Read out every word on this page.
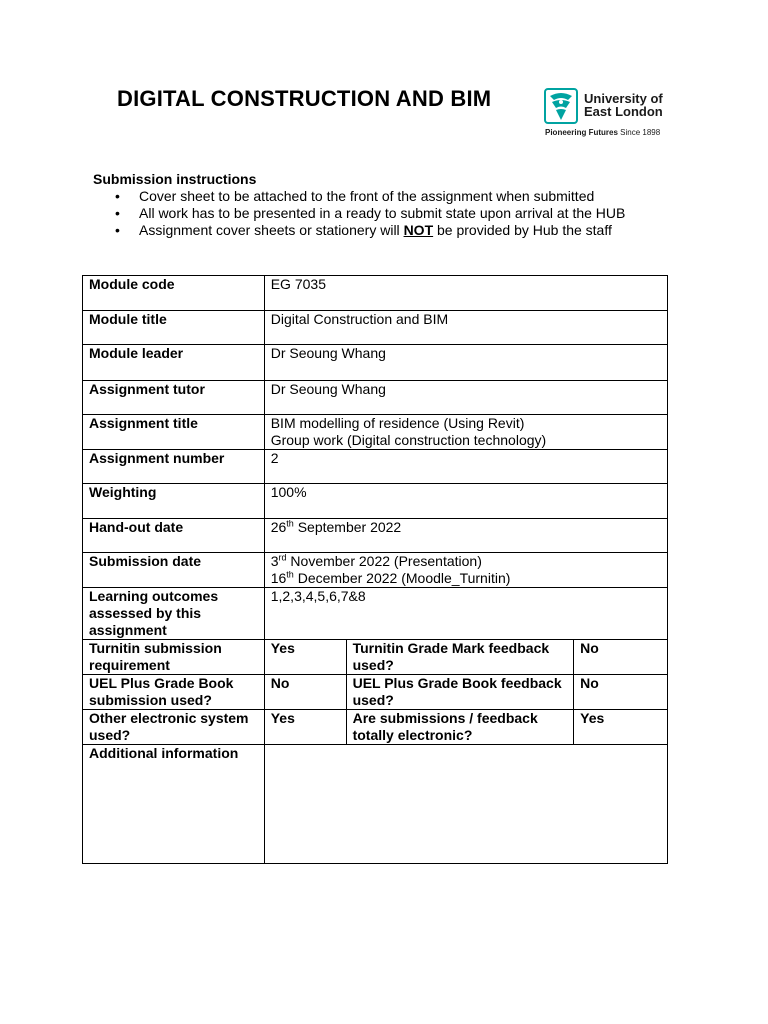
DIGITAL CONSTRUCTION AND BIM	University of
East London
Pioneering Futures Since 1898
Submission instructions
• Cover sheet to be attached to the front of the assignment when submitted
• All work has to be presented in a ready to submit state upon arrival at the HUB
• Assignment cover sheets or stationery will NOT be provided by Hub the staff
Module code	EG 7035		
Module title	Digital Construction and BIM		
Module leader	Dr Seoung Whang		
Assignment tutor	Dr Seoung Whang		
Assignment title	BIM modelling of residence (Using Revit)
Group work (Digital construction technology)		

Assignment number	2		
Weighting	100%		
Hand-out date	26th September 2022		
Submission date	3rd November 2022 (Presentation)
16th December 2022 (Moodle_Turnitin)		

Learning outcomes assessed by this assignment	1,2,3,4,5,6,7&8		
Turnitin submission requirement	Yes	Turnitin Grade Mark feedback used?	No
UEL Plus Grade Book submission used?	No	UEL Plus Grade Book feedback used?	No
Other electronic system used?	Yes	Are submissions / feedback totally electronic?	Yes
Additional information			
